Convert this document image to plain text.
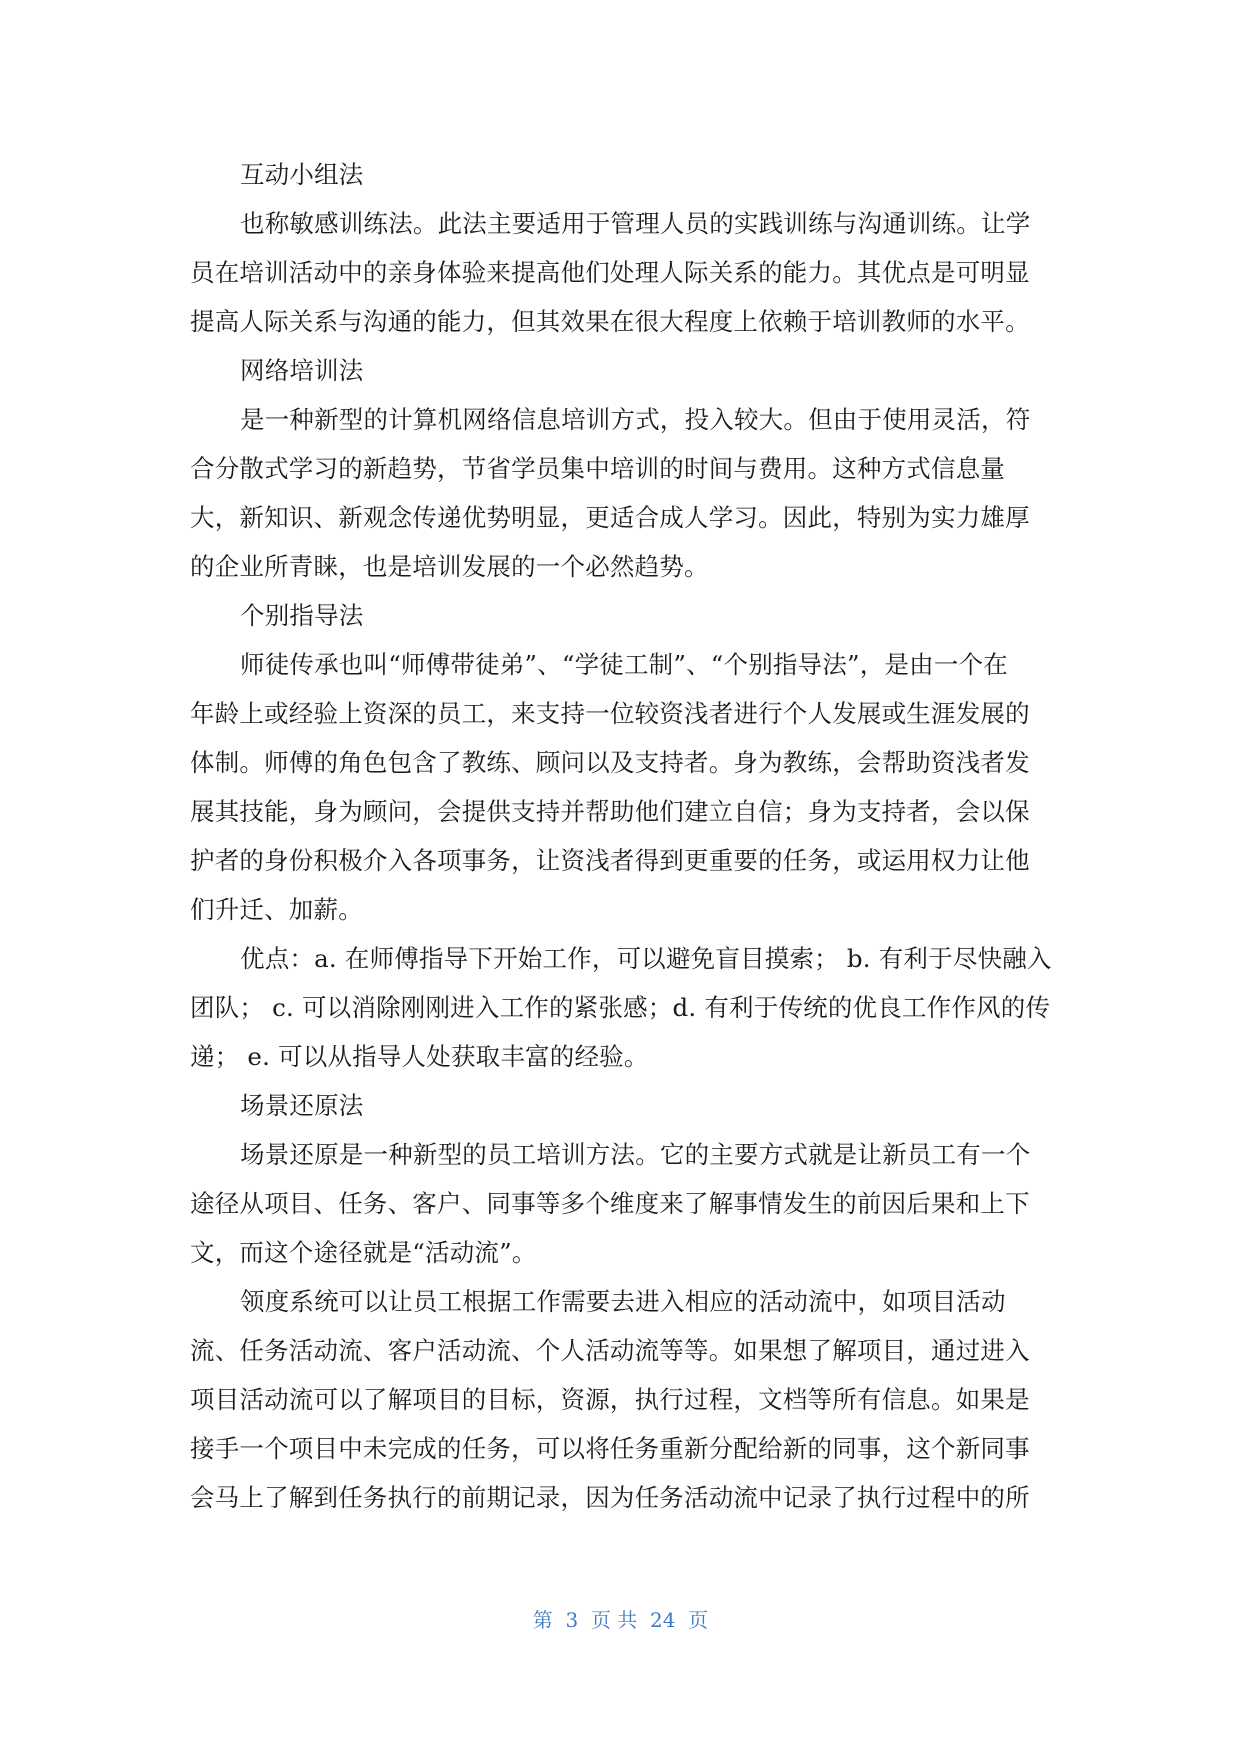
互动小组法
也称敏感训练法。此法主要适用于管理人员的实践训练与沟通训练。让学
员在培训活动中的亲身体验来提高他们处理人际关系的能力。其优点是可明显
提高人际关系与沟通的能力，但其效果在很大程度上依赖于培训教师的水平。
网络培训法
是一种新型的计算机网络信息培训方式，投入较大。但由于使用灵活，符
合分散式学习的新趋势，节省学员集中培训的时间与费用。这种方式信息量
大，新知识、新观念传递优势明显，更适合成人学习。因此，特别为实力雄厚
的企业所青睐，也是培训发展的一个必然趋势。
个别指导法
师徒传承也叫“师傅带徒弟”、“学徒工制”、“个别指导法”，是由一个在
年龄上或经验上资深的员工，来支持一位较资浅者进行个人发展或生涯发展的
体制。师傅的角色包含了教练、顾问以及支持者。身为教练，会帮助资浅者发
展其技能，身为顾问，会提供支持并帮助他们建立自信；身为支持者，会以保
护者的身份积极介入各项事务，让资浅者得到更重要的任务，或运用权力让他
们升迁、加薪。
优点：a. 在师傅指导下开始工作，可以避免盲目摸索； b. 有利于尽快融入
团队； c. 可以消除刚刚进入工作的紧张感；d. 有利于传统的优良工作作风的传
递； e. 可以从指导人处获取丰富的经验。
场景还原法
场景还原是一种新型的员工培训方法。它的主要方式就是让新员工有一个
途径从项目、任务、客户、同事等多个维度来了解事情发生的前因后果和上下
文，而这个途径就是“活动流”。
领度系统可以让员工根据工作需要去进入相应的活动流中，如项目活动
流、任务活动流、客户活动流、个人活动流等等。如果想了解项目，通过进入
项目活动流可以了解项目的目标，资源，执行过程，文档等所有信息。如果是
接手一个项目中未完成的任务，可以将任务重新分配给新的同事，这个新同事
会马上了解到任务执行的前期记录，因为任务活动流中记录了执行过程中的所
第  3  页 共  24  页
